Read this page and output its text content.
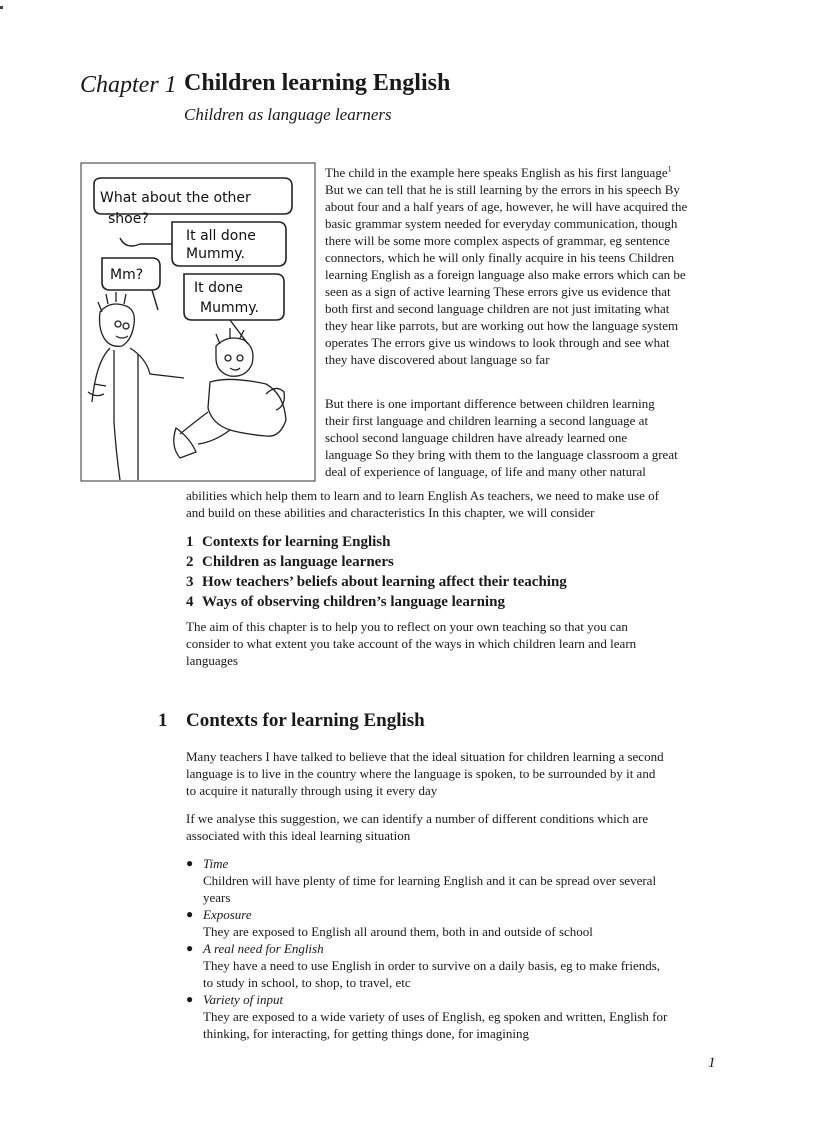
Chapter 1 Children learning English
Children as language learners
What about the other
shoe?
It all done
Mummy.
Mm?
It done
Mummy.
The child in the example here speaks English as his first language$^1$
But we can tell that he is still learning by the errors in his speech By
about four and a half years of age, however, he will have acquired the
basic grammar system needed for everyday communication, though
there will be some more complex aspects of grammar, eg sentence
connectors, which he will only finally acquire in his teens Children
learning English as a foreign language also make errors which can be
seen as a sign of active learning These errors give us evidence that
both first and second language children are not just imitating what
they hear like parrots, but are working out how the language system
operates The errors give us windows to look through and see what
they have discovered about language so far
But there is one important difference between children learning
their first language and children learning a second language at
school second language children have already learned one
language So they bring with them to the language classroom a great
deal of experience of language, of life and many other natural
abilities which help them to learn and to learn English As teachers, we need to make use of
and build on these abilities and characteristics In this chapter, we will consider
1 Contexts for learning English
2 Children as language learners
3 How teachers’ beliefs about learning affect their teaching
4 Ways of observing children’s language learning
The aim of this chapter is to help you to reflect on your own teaching so that you can
consider to what extent you take account of the ways in which children learn and learn
languages
1 Contexts for learning English
Many teachers I have talked to believe that the ideal situation for children learning a second
language is to live in the country where the language is spoken, to be surrounded by it and
to acquire it naturally through using it every day
If we analyse this suggestion, we can identify a number of different conditions which are
associated with this ideal learning situation
● Time
Children will have plenty of time for learning English and it can be spread over several
years
● Exposure
They are exposed to English all around them, both in and outside of school
● A real need for English
They have a need to use English in order to survive on a daily basis, eg to make friends,
to study in school, to shop, to travel, etc
● Variety of input
They are exposed to a wide variety of uses of English, eg spoken and written, English for
thinking, for interacting, for getting things done, for imagining
1
